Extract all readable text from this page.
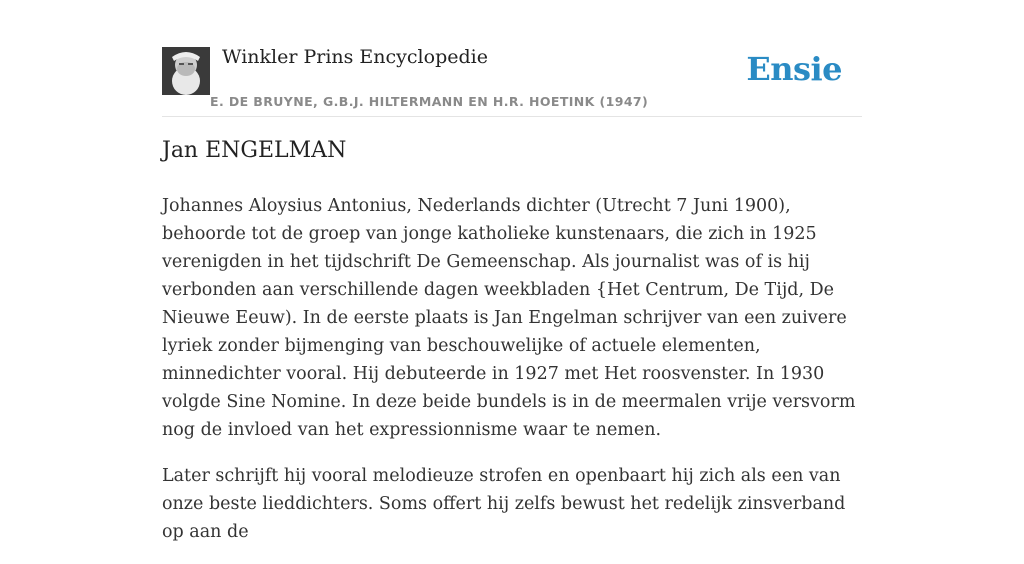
Winkler Prins Encyclopedie
E. DE BRUYNE, G.B.J. HILTERMANN EN H.R. HOETINK (1947)
Ensie
Jan ENGELMAN

Johannes Aloysius Antonius, Nederlands dichter (Utrecht 7 Juni 1900), behoorde tot de groep van jonge katholieke kunstenaars, die zich in 1925 verenigden in het tijdschrift De Gemeenschap. Als journalist was of is hij verbonden aan verschillende dagen weekbladen {Het Centrum, De Tijd, De Nieuwe Eeuw). In de eerste plaats is Jan Engelman schrijver van een zuivere lyriek zonder bijmenging van beschouwelijke of actuele elementen, minnedichter vooral. Hij debuteerde in 1927 met Het roosvenster. In 1930 volgde Sine Nomine. In deze beide bundels is in de meermalen vrije versvorm nog de invloed van het expressionnisme waar te nemen.

Later schrijft hij vooral melodieuze strofen en openbaart hij zich als een van onze beste lieddichters. Soms offert hij zelfs bewust het redelijk zinsverband op aan de
